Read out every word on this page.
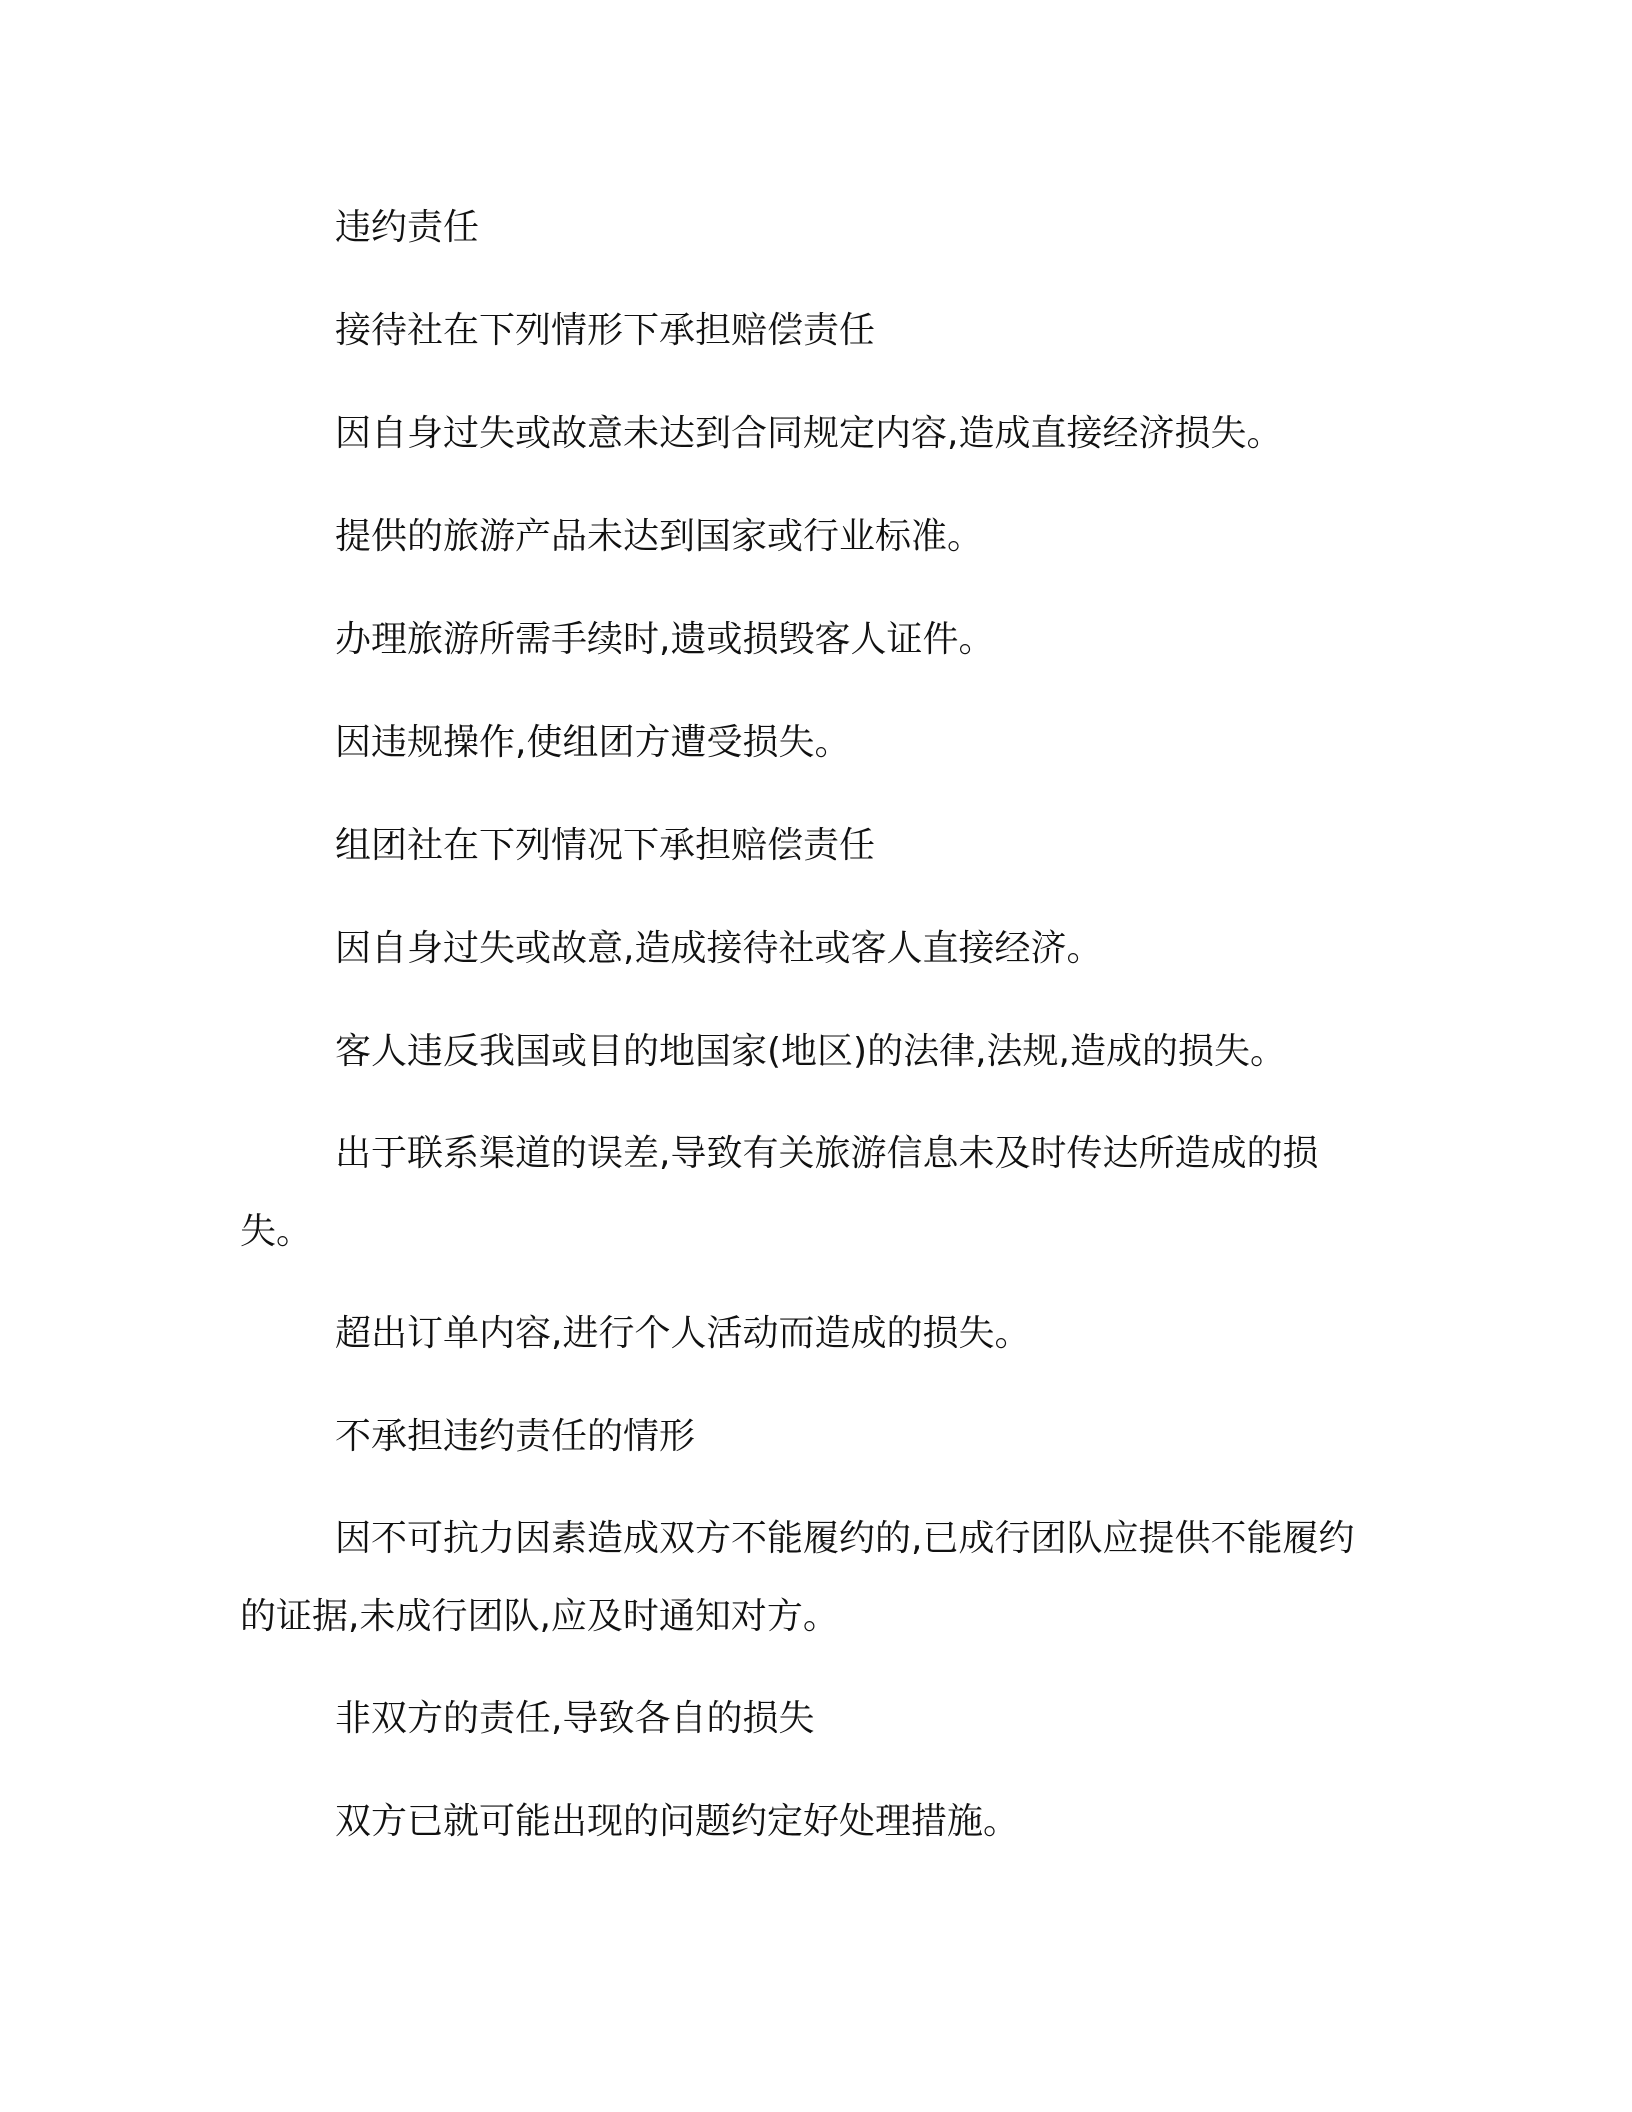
违约责任

接待社在下列情形下承担赔偿责任

因自身过失或故意未达到合同规定内容,造成直接经济损失。

提供的旅游产品未达到国家或行业标准。

办理旅游所需手续时,遗或损毁客人证件。

因违规操作,使组团方遭受损失。

组团社在下列情况下承担赔偿责任

因自身过失或故意,造成接待社或客人直接经济。

客人违反我国或目的地国家(地区)的法律,法规,造成的损失。

出于联系渠道的误差,导致有关旅游信息未及时传达所造成的损失。

超出订单内容,进行个人活动而造成的损失。

不承担违约责任的情形

因不可抗力因素造成双方不能履约的,已成行团队应提供不能履约的证据,未成行团队,应及时通知对方。

非双方的责任,导致各自的损失

双方已就可能出现的问题约定好处理措施。
